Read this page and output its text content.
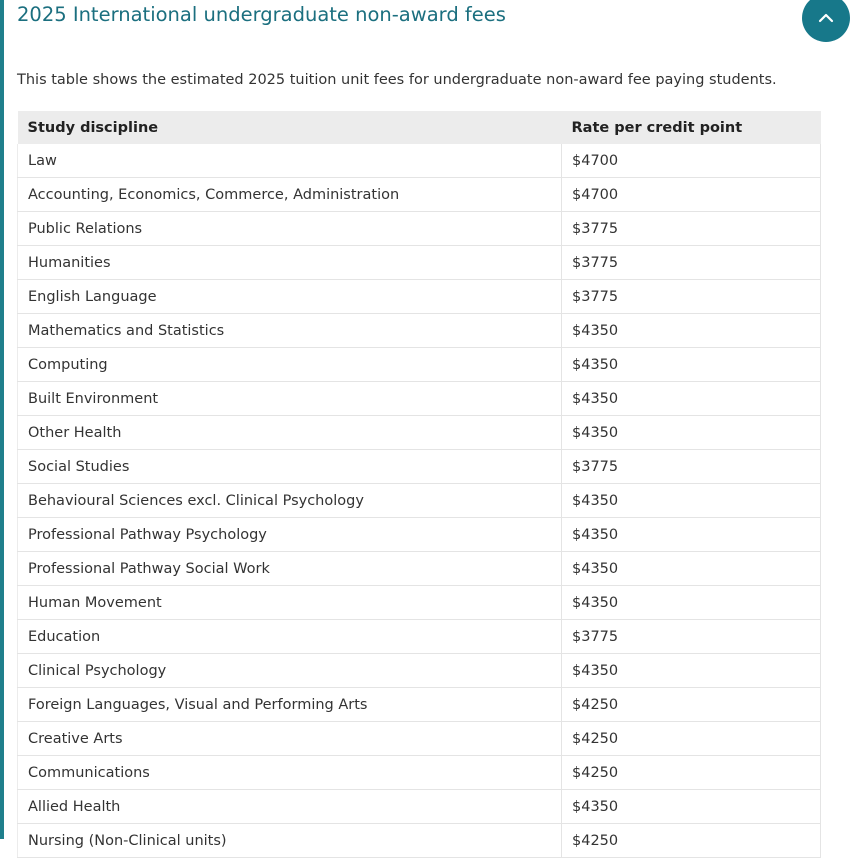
2025 International undergraduate non-award fees

This table shows the estimated 2025 tuition unit fees for undergraduate non-award fee paying students.

Study discipline	Rate per credit point
Law	$4700
Accounting, Economics, Commerce, Administration	$4700
Public Relations	$3775
Humanities	$3775
English Language	$3775
Mathematics and Statistics	$4350
Computing	$4350
Built Environment	$4350
Other Health	$4350
Social Studies	$3775
Behavioural Sciences excl. Clinical Psychology	$4350
Professional Pathway Psychology	$4350
Professional Pathway Social Work	$4350
Human Movement	$4350
Education	$3775
Clinical Psychology	$4350
Foreign Languages, Visual and Performing Arts	$4250
Creative Arts	$4250
Communications	$4250
Allied Health	$4350
Nursing (Non-Clinical units)	$4250
